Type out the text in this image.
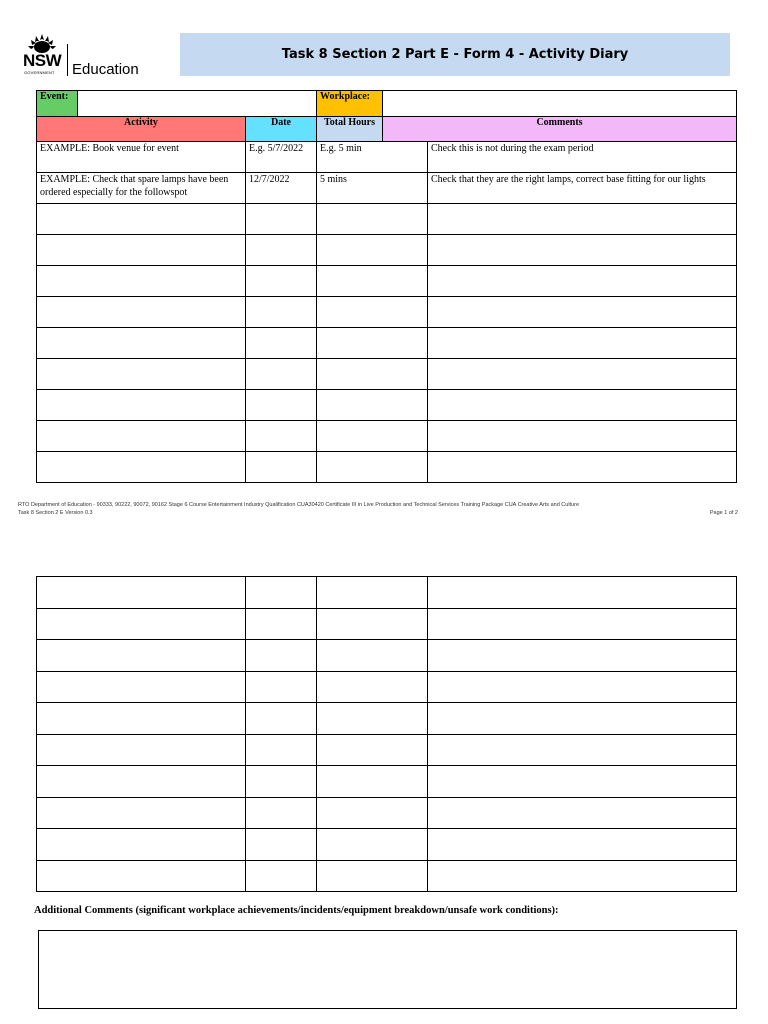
NSW
GOVERNMENT Education
Task 8 Section 2 Part E - Form 4 - Activity Diary
Event:			Workplace:		
Activity		Date	Total Hours	Comments	
EXAMPLE: Book venue for event		E.g. 5/7/2022	E.g. 5 min		Check this is not during the exam period
EXAMPLE: Check that spare lamps have been ordered especially for the followspot		12/7/2022	5 mins		Check that they are the right lamps, correct base fitting for our lights

RTO Department of Education - 90333, 90222, 90072, 90162 Stage 6 Course Entertainment Industry Qualification CUA30420 Certificate III in Live Production and Technical Services Training Package CUA Creative Arts and Culture
Task 8 Section 2 E Version 0.3	Page 1 of 2

Additional Comments (significant workplace achievements/incidents/equipment breakdown/unsafe work conditions):
